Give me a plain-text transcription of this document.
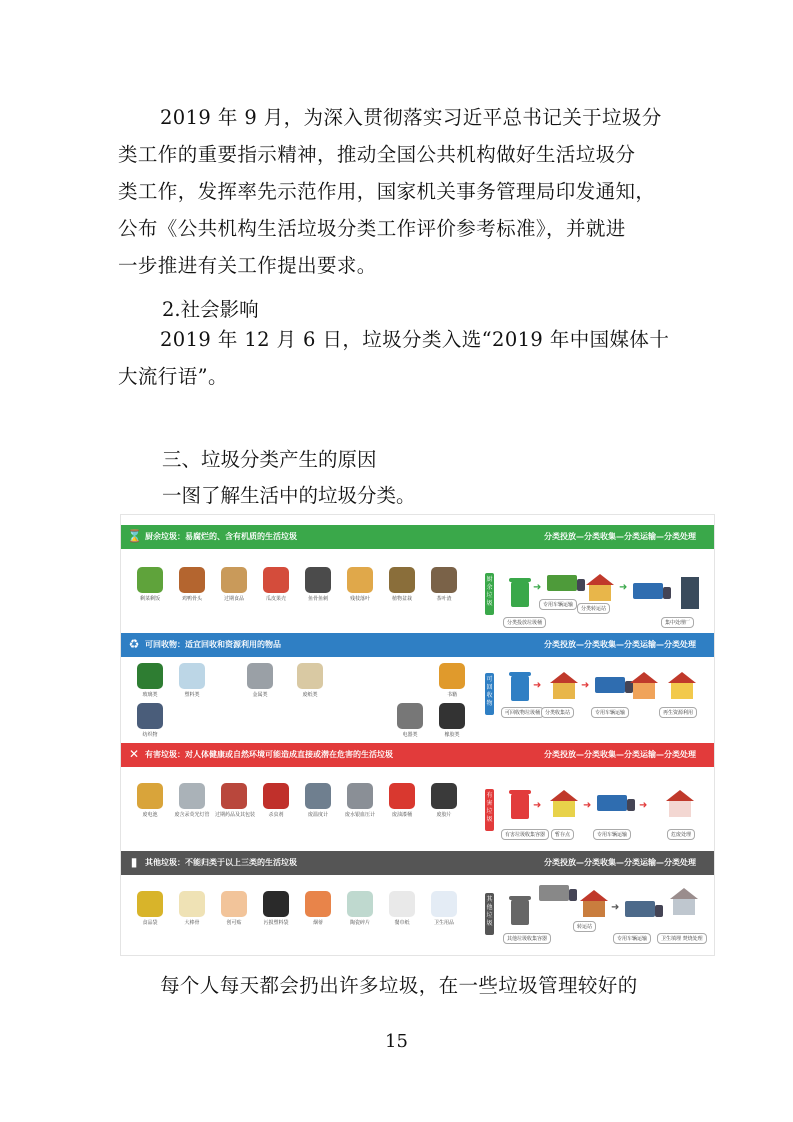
2019 年 9 月，为深入贯彻落实习近平总书记关于垃圾分
类工作的重要指示精神，推动全国公共机构做好生活垃圾分
类工作，发挥率先示范作用，国家机关事务管理局印发通知，
公布《公共机构生活垃圾分类工作评价参考标准》，并就进
一步推进有关工作提出要求。

2.社会影响

2019 年 12 月 6 日，垃圾分类入选“2019 年中国媒体十
大流行语”。

三、垃圾分类产生的原因

一图了解生活中的垃圾分类。

⌛ 厨余垃圾：易腐烂的、含有机质的生活垃圾	分类投放—分类收集—分类运输—分类处理
剩菜剩饭	鸡鸭骨头	过期食品	瓜皮果壳	鱼骨鱼刺	残枝落叶	植物盆栽	茶叶渣
厨余垃圾
➜	➜
分类投放垃圾桶
专用车辆运输
分类转运站
集中处理厂
♻ 可回收物：适宜回收和资源利用的物品	分类投放—分类收集—分类运输—分类处理
玻璃类	塑料类	金属类	废纸类
纺织物	电器类	橡胶类
书籍
可回收物
➜	➜
可回收物垃圾桶 分类收集站	专用车辆运输	再生资源利用
✕ 有害垃圾：对人体健康或自然环境可能造成直接或潜在危害的生活垃圾	分类投放—分类收集—分类运输—分类处理
废电池	废含汞荧光灯管	过期药品及其包装	杀虫剂	废温度计	废水银血压计	废油漆桶	废胶片
有害垃圾
➜	➜	➜
有害垃圾收集容器	暂存点	专用车辆运输	危废处理
▮ 其他垃圾：不能归类于以上三类的生活垃圾	分类投放—分类收集—分类运输—分类处理
食品袋	大棒骨	创可贴	污损塑料袋	烟蒂	陶瓷碎片	餐巾纸	卫生用品
其他垃圾
➜
其他垃圾收集容器
转运站
专用车辆运输	卫生填埋 焚烧处理

每个人每天都会扔出许多垃圾，在一些垃圾管理较好的

15
